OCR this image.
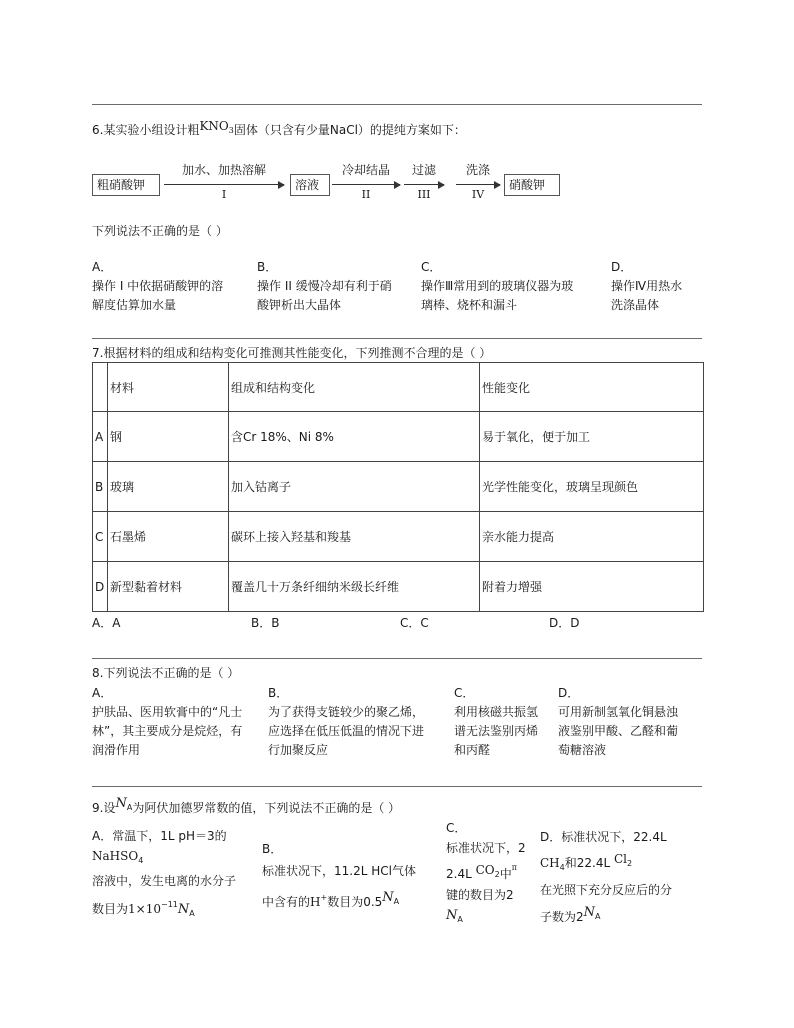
6.某实验小组设计粗$KNO_3$固体（只含有少量NaCl）的提纯方案如下：
粗硝酸钾
加水、加热溶解
I
溶液
冷却结晶
II
过滤
III
洗涤
IV
硝酸钾
下列说法不正确的是（ ）
A．
操作 I 中依据硝酸钾的溶
解度估算加水量
B．
操作 II 缓慢冷却有利于硝
酸钾析出大晶体
C．
操作Ⅲ常用到的玻璃仪器为玻
璃棒、烧杯和漏斗
D．
操作Ⅳ用热水
洗涤晶体
7.根据材料的组成和结构变化可推测其性能变化，下列推测不合理的是（ ）
	材料	组成和结构变化	性能变化
A	钢	含Cr 18%、Ni 8%	易于氧化，便于加工
B	玻璃	加入钴离子	光学性能变化，玻璃呈现颜色
C	石墨烯	碳环上接入羟基和羧基	亲水能力提高
D	新型黏着材料	覆盖几十万条纤细纳米级长纤维	附着力增强
A．A	B．B	C．C	D．D
8.下列说法不正确的是（ ）
A．
护肤品、医用软膏中的“凡士
林”，其主要成分是烷烃，有
润滑作用
B．
为了获得支链较少的聚乙烯，
应选择在低压低温的情况下进
行加聚反应
C．
利用核磁共振氢
谱无法鉴别丙烯
和丙醛
D．
可用新制氢氧化铜悬浊
液鉴别甲酸、乙醛和葡
萄糖溶液
9.设$N_A$为阿伏加德罗常数的值，下列说法不正确的是（ ）
A．常温下，1L pH＝3的
NaHSO$_4$
溶液中，发生电离的水分子
数目为$1\times 10^{-11}N_A$
B．
标准状况下，11.2L HCl气体
中含有的H+数目为$0.5N_A$
C．
标准状况下，2
2.4L CO2中$^\pi$
键的数目为2
$N_A$
D．标准状况下，22.4L
$CH_4$和22.4L Cl2
在光照下充分反应后的分
子数为$2N_A$
